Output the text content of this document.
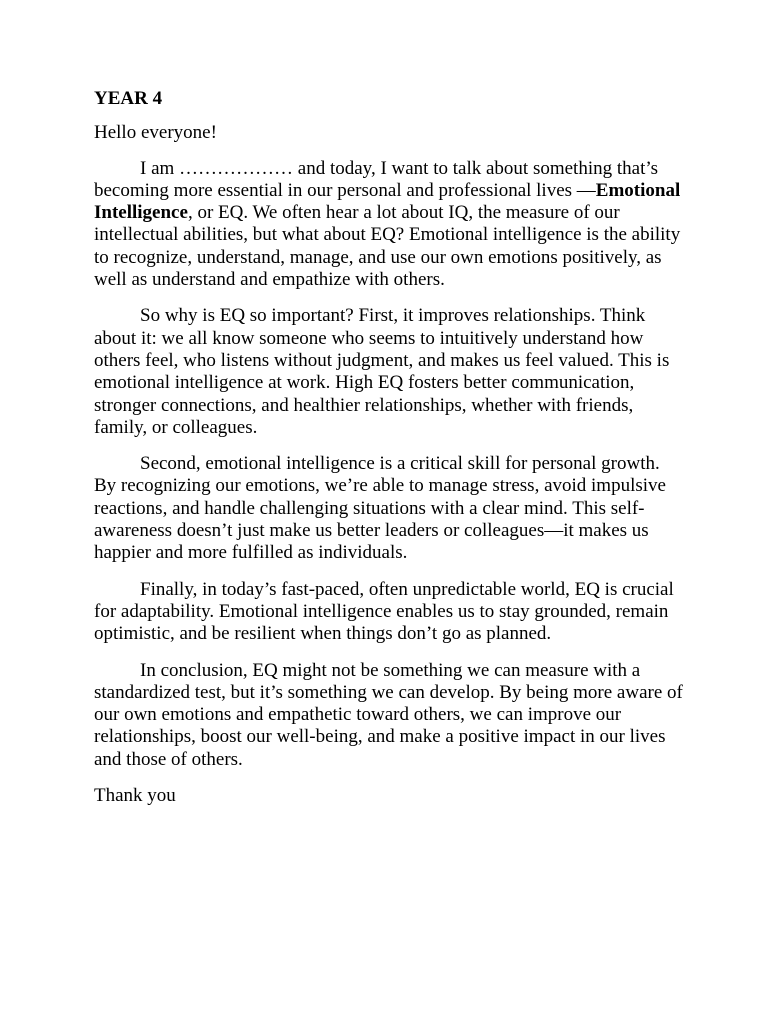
YEAR 4

Hello everyone!

I am ……………… and today, I want to talk about something that’s becoming more essential in our personal and professional lives —Emotional Intelligence, or EQ. We often hear a lot about IQ, the measure of our intellectual abilities, but what about EQ? Emotional intelligence is the ability to recognize, understand, manage, and use our own emotions positively, as well as understand and empathize with others.

So why is EQ so important? First, it improves relationships. Think about it: we all know someone who seems to intuitively understand how others feel, who listens without judgment, and makes us feel valued. This is emotional intelligence at work. High EQ fosters better communication, stronger connections, and healthier relationships, whether with friends, family, or colleagues.

Second, emotional intelligence is a critical skill for personal growth. By recognizing our emotions, we’re able to manage stress, avoid impulsive reactions, and handle challenging situations with a clear mind. This self-awareness doesn’t just make us better leaders or colleagues—it makes us happier and more fulfilled as individuals.

Finally, in today’s fast-paced, often unpredictable world, EQ is crucial for adaptability. Emotional intelligence enables us to stay grounded, remain optimistic, and be resilient when things don’t go as planned.

In conclusion, EQ might not be something we can measure with a standardized test, but it’s something we can develop. By being more aware of our own emotions and empathetic toward others, we can improve our relationships, boost our well-being, and make a positive impact in our lives and those of others.

Thank you
